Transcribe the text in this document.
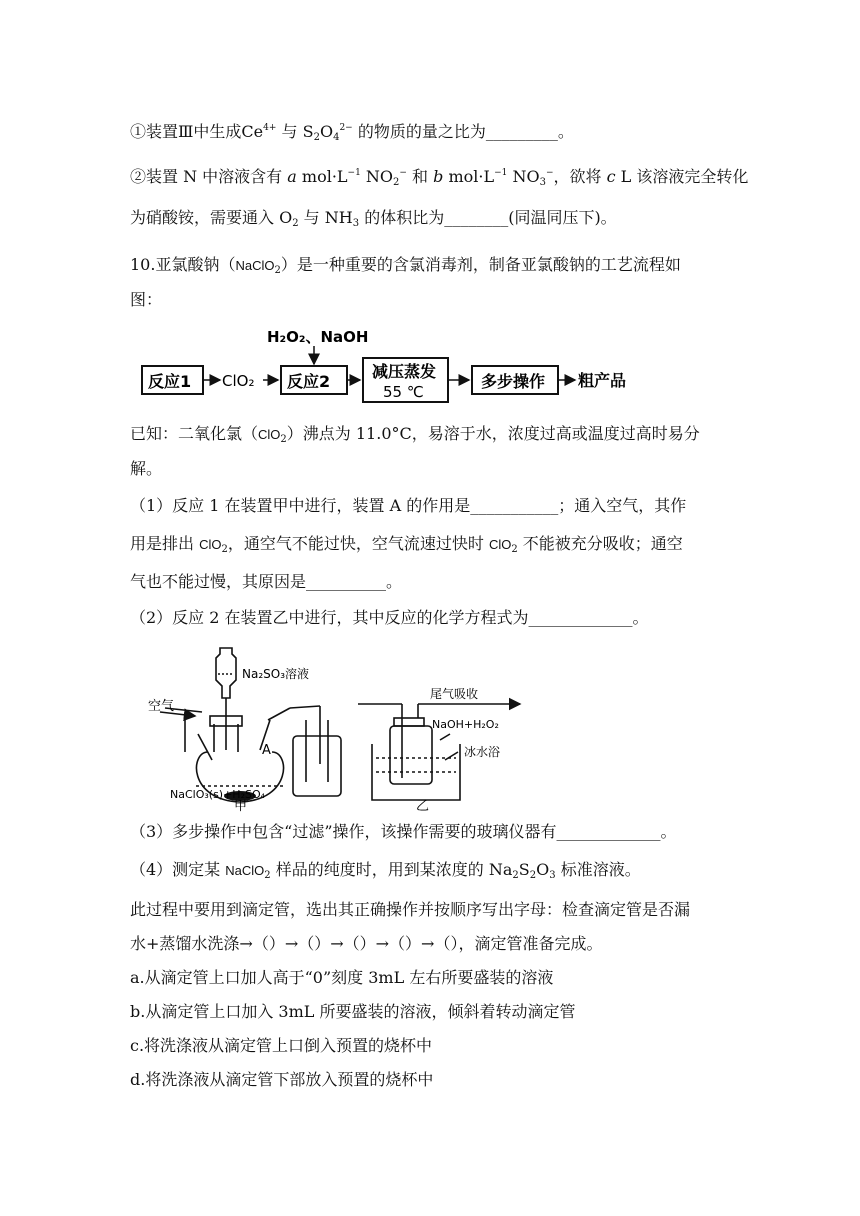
①装置Ⅲ中生成$Ce^{4+}$ 与 $S_2O_4^{2-}$ 的物质的量之比为_________。
②装置 N 中溶液含有 a $mol\cdot L^{-1}$ $NO_2^-$ 和 b $mol\cdot L^{-1}$ $NO_3^-$，欲将 c L 该溶液完全转化
为硝酸铵，需要通入 $O_2$ 与 $NH_3$ 的体积比为________(同温同压下)。
10.亚氯酸钠（NaClO$_2$）是一种重要的含氯消毒剂，制备亚氯酸钠的工艺流程如
图：
H₂O₂、NaOH
反应1 ClO₂ 反应2
减压蒸发
55 ℃
多步操作 粗产品
已知：二氧化氯（ClO$_2$）沸点为 11.0°C，易溶于水，浓度过高或温度过高时易分
解。
（1）反应 1 在装置甲中进行，装置 A 的作用是___________；通入空气，其作
用是排出 ClO$_2$，通空气不能过快，空气流速过快时 ClO$_2$ 不能被充分吸收；通空
气也不能过慢，其原因是__________。
（2）反应 2 在装置乙中进行，其中反应的化学方程式为_____________。
Na₂SO₃溶液
空气
A
NaClO₃(s)+H₂SO₄
甲
尾气吸收
NaOH+H₂O₂
冰水浴
乙
（3）多步操作中包含“过滤”操作，该操作需要的玻璃仪器有_____________。
（4）测定某 NaClO$_2$ 样品的纯度时，用到某浓度的 $Na_2S_2O_3$ 标准溶液。
此过程中要用到滴定管，选出其正确操作并按顺序写出字母：检查滴定管是否漏
水+蒸馏水洗涤→（）→（）→（）→（）→（），滴定管准备完成。
a.从滴定管上口加人高于“0”刻度 3mL 左右所要盛装的溶液
b.从滴定管上口加入 3mL 所要盛装的溶液，倾斜着转动滴定管
c.将洗涤液从滴定管上口倒入预置的烧杯中
d.将洗涤液从滴定管下部放入预置的烧杯中
